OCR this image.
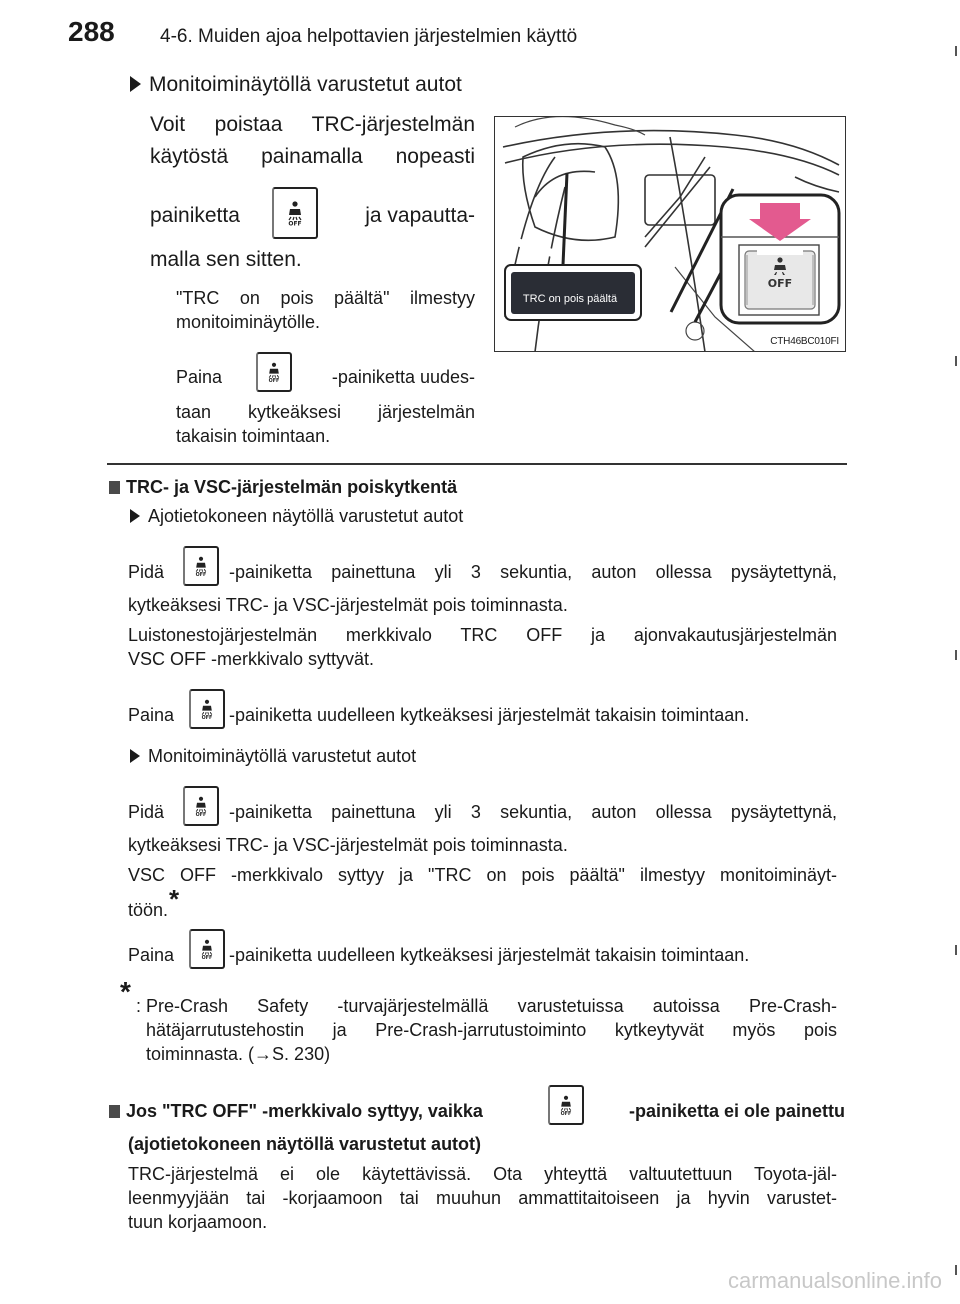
288 4-6. Muiden ajoa helpottavien järjestelmien käyttö
Monitoiminäytöllä varustetut autot
Voit poistaa TRC-järjestelmän
käytöstä painamalla nopeasti
painiketta	OFF	ja vapautta-
malla sen sitten.
"TRC on pois päältä" ilmestyy
monitoiminäytölle.
Paina	OFF	-painiketta uudes-
taan kytkeäksesi järjestelmän
takaisin toimintaan.
OFF
TRC on pois päältä
CTH46BC010FI
TRC- ja VSC-järjestelmän poiskytkentä
Ajotietokoneen näytöllä varustetut autot
Pidä	OFF -painiketta painettuna yli 3 sekuntia, auton ollessa pysäytettynä,
kytkeäksesi TRC- ja VSC-järjestelmät pois toiminnasta.
Luistonestojärjestelmän merkkivalo TRC OFF ja ajonvakautusjärjestelmän
VSC OFF -merkkivalo syttyvät.
Paina	OFF -painiketta uudelleen kytkeäksesi järjestelmät takaisin toimintaan.
Monitoiminäytöllä varustetut autot
Pidä	OFF -painiketta painettuna yli 3 sekuntia, auton ollessa pysäytettynä,
kytkeäksesi TRC- ja VSC-järjestelmät pois toiminnasta.
VSC OFF -merkkivalo syttyy ja "TRC on pois päältä" ilmestyy monitoiminäyt-
töön.*
Paina	OFF -painiketta uudelleen kytkeäksesi järjestelmät takaisin toimintaan.
* : Pre-Crash Safety -turvajärjestelmällä varustetuissa autoissa Pre-Crash-
hätäjarrutustehostin ja Pre-Crash-jarrutustoiminto kytkeytyvät myös pois
toiminnasta. (→S. 230)
Jos "TRC OFF" -merkkivalo syttyy, vaikka	OFF	-painiketta ei ole painettu
(ajotietokoneen näytöllä varustetut autot)
TRC-järjestelmä ei ole käytettävissä. Ota yhteyttä valtuutettuun Toyota-jäl-
leenmyyjään tai -korjaamoon tai muuhun ammattitaitoiseen ja hyvin varustet-
tuun korjaamoon.
carmanualsonline.info
